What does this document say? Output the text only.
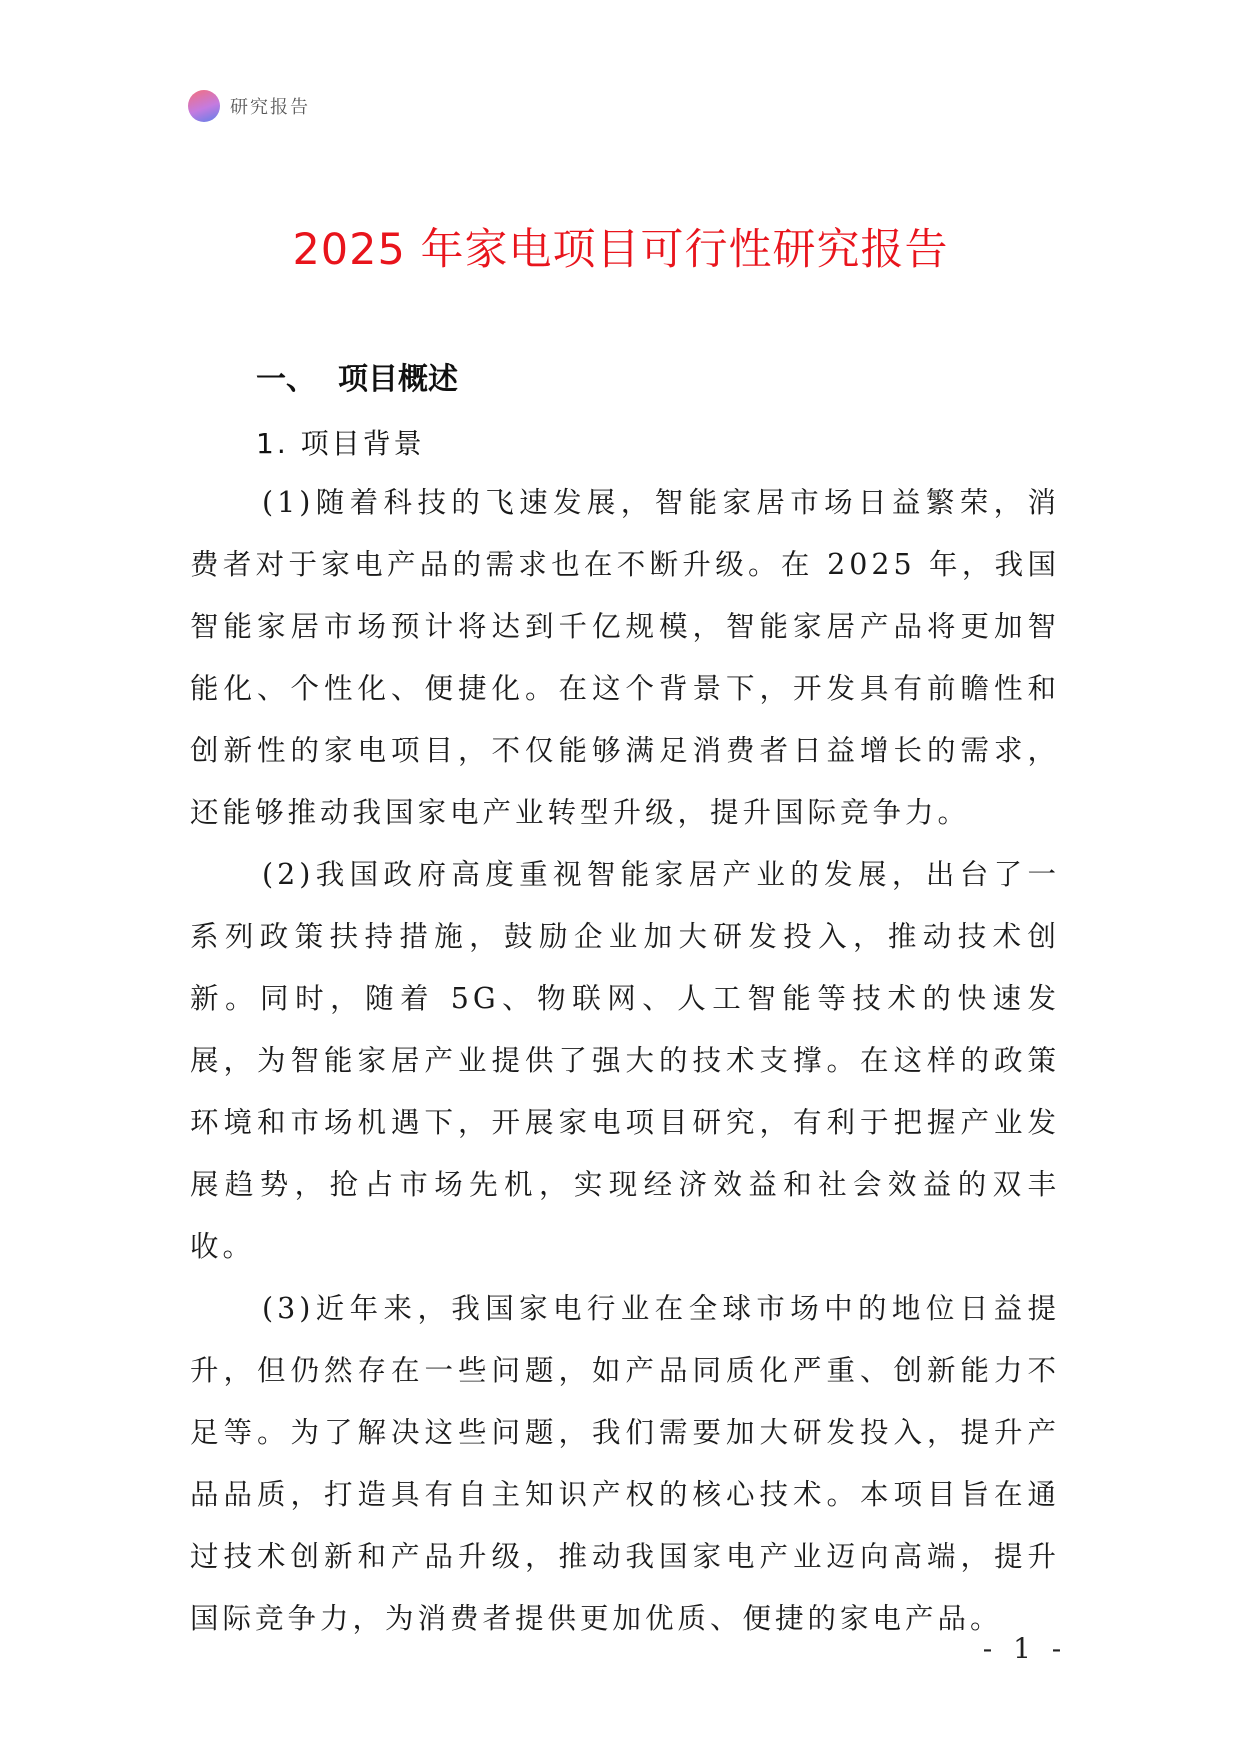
研究报告
2025 年家电项目可行性研究报告
一、 项目概述
1. 项目背景

(1)随着科技的飞速发展，智能家居市场日益繁荣，消费者对于家电产品的需求也在不断升级。在 2025 年，我国智能家居市场预计将达到千亿规模，智能家居产品将更加智能化、个性化、便捷化。在这个背景下，开发具有前瞻性和创新性的家电项目，不仅能够满足消费者日益增长的需求，还能够推动我国家电产业转型升级，提升国际竞争力。

(2)我国政府高度重视智能家居产业的发展，出台了一系列政策扶持措施，鼓励企业加大研发投入，推动技术创新。同时，随着 5G、物联网、人工智能等技术的快速发展，为智能家居产业提供了强大的技术支撑。在这样的政策环境和市场机遇下，开展家电项目研究，有利于把握产业发展趋势，抢占市场先机，实现经济效益和社会效益的双丰收。

(3)近年来，我国家电行业在全球市场中的地位日益提升，但仍然存在一些问题，如产品同质化严重、创新能力不足等。为了解决这些问题，我们需要加大研发投入，提升产品品质，打造具有自主知识产权的核心技术。本项目旨在通过技术创新和产品升级，推动我国家电产业迈向高端，提升国际竞争力，为消费者提供更加优质、便捷的家电产品。

- 1 -
